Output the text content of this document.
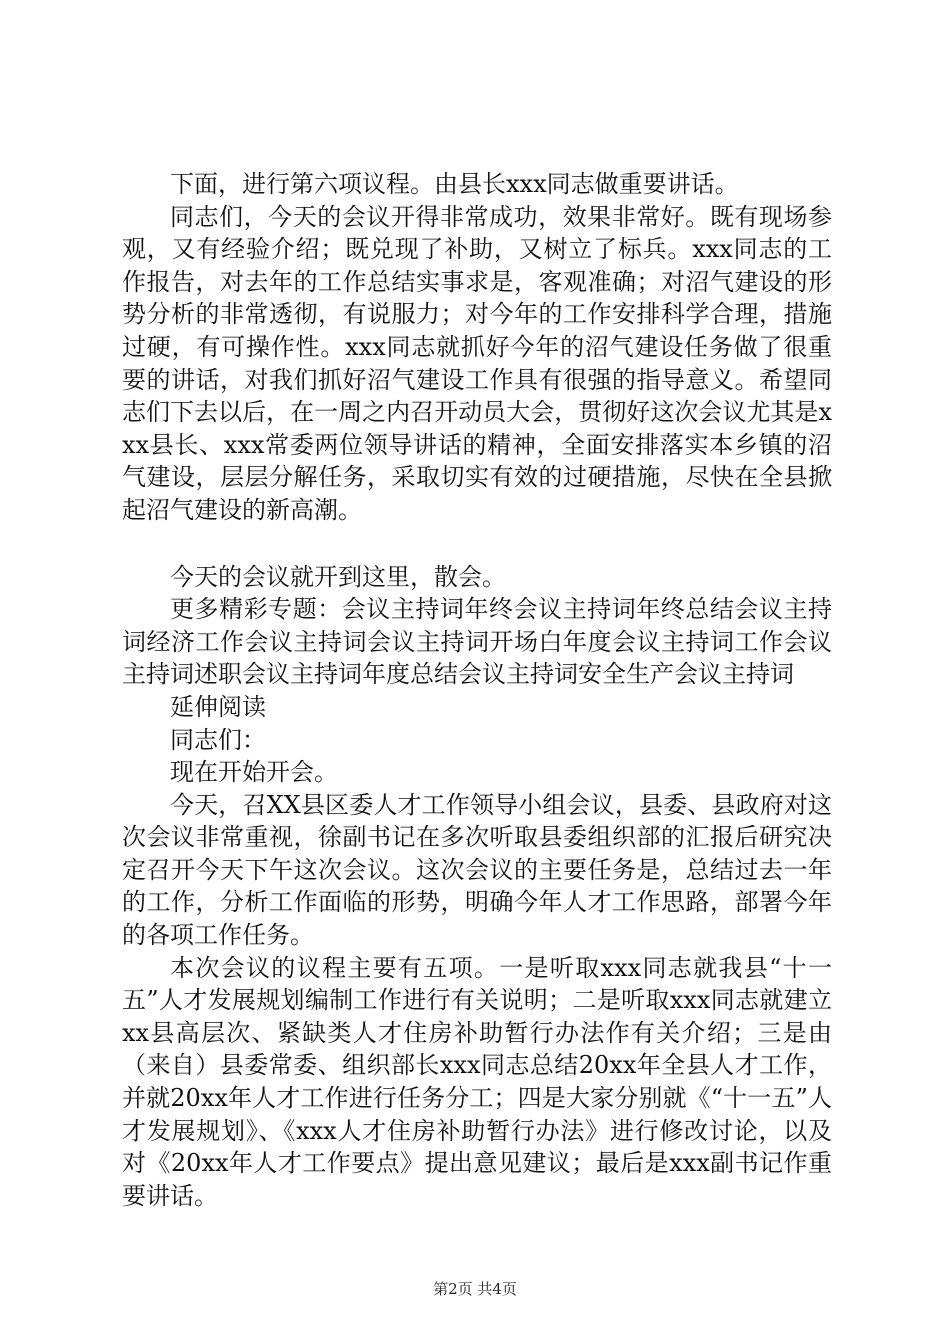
下面，进行第六项议程。由县长xxx同志做重要讲话。

同志们，今天的会议开得非常成功，效果非常好。既有现场参观，又有经验介绍；既兑现了补助，又树立了标兵。xxx同志的工作报告，对去年的工作总结实事求是，客观准确；对沼气建设的形势分析的非常透彻，有说服力；对今年的工作安排科学合理，措施过硬，有可操作性。xxx同志就抓好今年的沼气建设任务做了很重要的讲话，对我们抓好沼气建设工作具有很强的指导意义。希望同志们下去以后，在一周之内召开动员大会，贯彻好这次会议尤其是xxx县长、xxx常委两位领导讲话的精神，全面安排落实本乡镇的沼气建设，层层分解任务，采取切实有效的过硬措施，尽快在全县掀起沼气建设的新高潮。

今天的会议就开到这里，散会。

更多精彩专题：会议主持词年终会议主持词年终总结会议主持词经济工作会议主持词会议主持词开场白年度会议主持词工作会议主持词述职会议主持词年度总结会议主持词安全生产会议主持词

延伸阅读

同志们：

现在开始开会。

今天，召XX县区委人才工作领导小组会议，县委、县政府对这次会议非常重视，徐副书记在多次听取县委组织部的汇报后研究决定召开今天下午这次会议。这次会议的主要任务是，总结过去一年的工作，分析工作面临的形势，明确今年人才工作思路，部署今年的各项工作任务。

本次会议的议程主要有五项。一是听取xxx同志就我县“十一五”人才发展规划编制工作进行有关说明；二是听取xxx同志就建立xx县高层次、紧缺类人才住房补助暂行办法作有关介绍；三是由（来自）县委常委、组织部长xxx同志总结20xx年全县人才工作，并就20xx年人才工作进行任务分工；四是大家分别就《“十一五”人才发展规划》、《xxx人才住房补助暂行办法》进行修改讨论，以及对《20xx年人才工作要点》提出意见建议；最后是xxx副书记作重要讲话。

第2页 共4页
